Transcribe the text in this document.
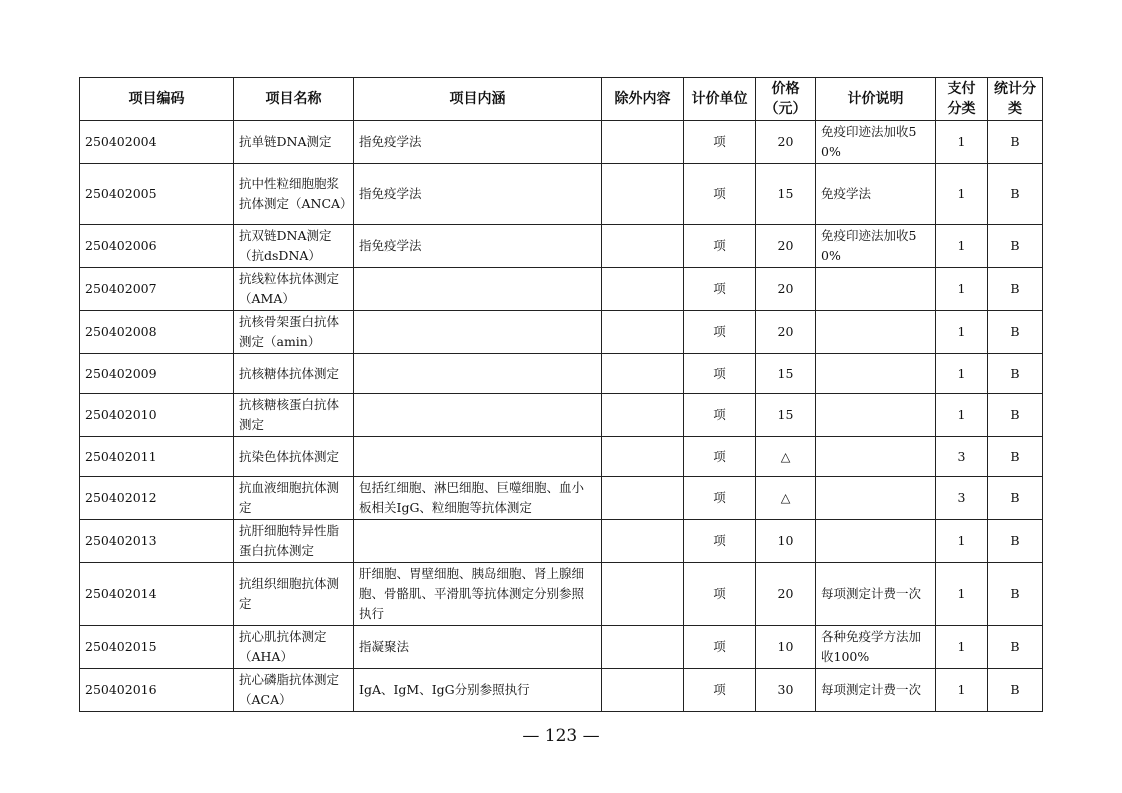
项目编码	项目名称	项目内涵	除外内容	计价单位	价格（元）	计价说明	支付分类	统计分类
250402004	抗单链DNA测定	指免疫学法		项	20	免疫印迹法加收50%	1	B
250402005	抗中性粒细胞胞浆抗体测定（ANCA）	指免疫学法		项	15	免疫学法	1	B
250402006	抗双链DNA测定（抗dsDNA）	指免疫学法		项	20	免疫印迹法加收50%	1	B
250402007	抗线粒体抗体测定（AMA）			项	20		1	B
250402008	抗核骨架蛋白抗体测定（amin）			项	20		1	B
250402009	抗核糖体抗体测定			项	15		1	B
250402010	抗核糖核蛋白抗体测定			项	15		1	B
250402011	抗染色体抗体测定			项	△		3	B
250402012	抗血液细胞抗体测定	包括红细胞、淋巴细胞、巨噬细胞、血小板相关IgG、粒细胞等抗体测定		项	△		3	B
250402013	抗肝细胞特异性脂蛋白抗体测定			项	10		1	B
250402014	抗组织细胞抗体测定	肝细胞、胃壁细胞、胰岛细胞、肾上腺细胞、骨骼肌、平滑肌等抗体测定分别参照执行		项	20	每项测定计费一次	1	B
250402015	抗心肌抗体测定（AHA）	指凝聚法		项	10	各种免疫学方法加收100%	1	B
250402016	抗心磷脂抗体测定（ACA）	IgA、IgM、IgG分别参照执行		项	30	每项测定计费一次	1	B
— 123 —
